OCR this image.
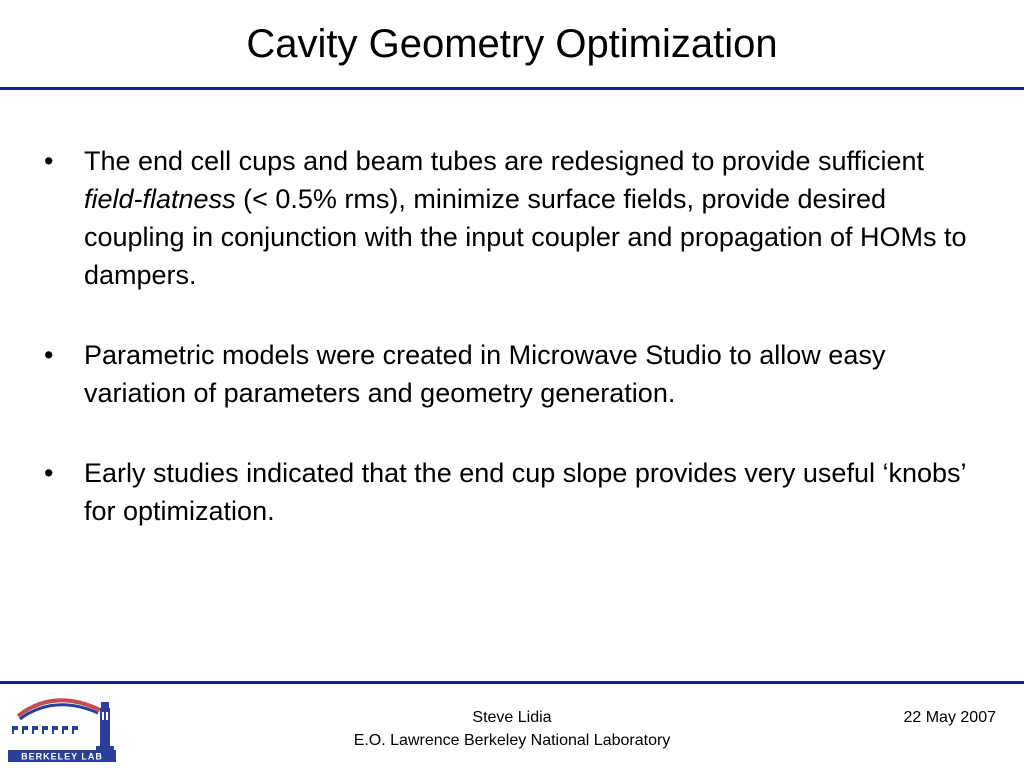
Cavity Geometry Optimization
• The end cell cups and beam tubes are redesigned to provide sufficient field-flatness (< 0.5% rms), minimize surface fields, provide desired coupling in conjunction with the input coupler and propagation of HOMs to dampers.
• Parametric models were created in Microwave Studio to allow easy variation of parameters and geometry generation.
• Early studies indicated that the end cup slope provides very useful ‘knobs’ for optimization.
BERKELEY LAB
Steve Lidia
E.O. Lawrence Berkeley National Laboratory
22 May 2007
